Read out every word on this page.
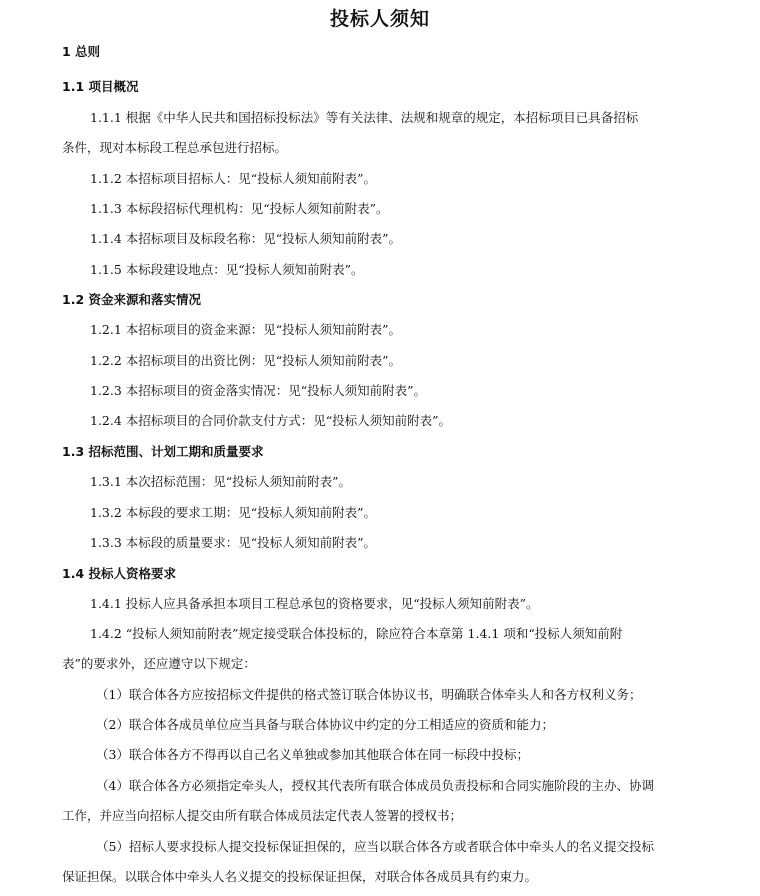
投标人须知
1 总则
1.1 项目概况
1.1.1 根据《中华人民共和国招标投标法》等有关法律、法规和规章的规定，本招标项目已具备招标
条件，现对本标段工程总承包进行招标。
1.1.2 本招标项目招标人：见“投标人须知前附表”。
1.1.3 本标段招标代理机构：见“投标人须知前附表”。
1.1.4 本招标项目及标段名称：见“投标人须知前附表”。
1.1.5 本标段建设地点：见“投标人须知前附表”。
1.2 资金来源和落实情况
1.2.1 本招标项目的资金来源：见“投标人须知前附表”。
1.2.2 本招标项目的出资比例：见“投标人须知前附表”。
1.2.3 本招标项目的资金落实情况：见“投标人须知前附表”。
1.2.4 本招标项目的合同价款支付方式：见“投标人须知前附表”。
1.3 招标范围、计划工期和质量要求
1.3.1 本次招标范围：见“投标人须知前附表”。
1.3.2 本标段的要求工期：见“投标人须知前附表”。
1.3.3 本标段的质量要求：见“投标人须知前附表”。
1.4 投标人资格要求
1.4.1 投标人应具备承担本项目工程总承包的资格要求，见“投标人须知前附表”。
1.4.2 “投标人须知前附表”规定接受联合体投标的，除应符合本章第 1.4.1 项和“投标人须知前附
表”的要求外，还应遵守以下规定：
（1）联合体各方应按招标文件提供的格式签订联合体协议书，明确联合体牵头人和各方权利义务；
（2）联合体各成员单位应当具备与联合体协议中约定的分工相适应的资质和能力；
（3）联合体各方不得再以自己名义单独或参加其他联合体在同一标段中投标；
（4）联合体各方必须指定牵头人，授权其代表所有联合体成员负责投标和合同实施阶段的主办、协调
工作，并应当向招标人提交由所有联合体成员法定代表人签署的授权书；
（5）招标人要求投标人提交投标保证担保的，应当以联合体各方或者联合体中牵头人的名义提交投标
保证担保。以联合体中牵头人名义提交的投标保证担保，对联合体各成员具有约束力。
